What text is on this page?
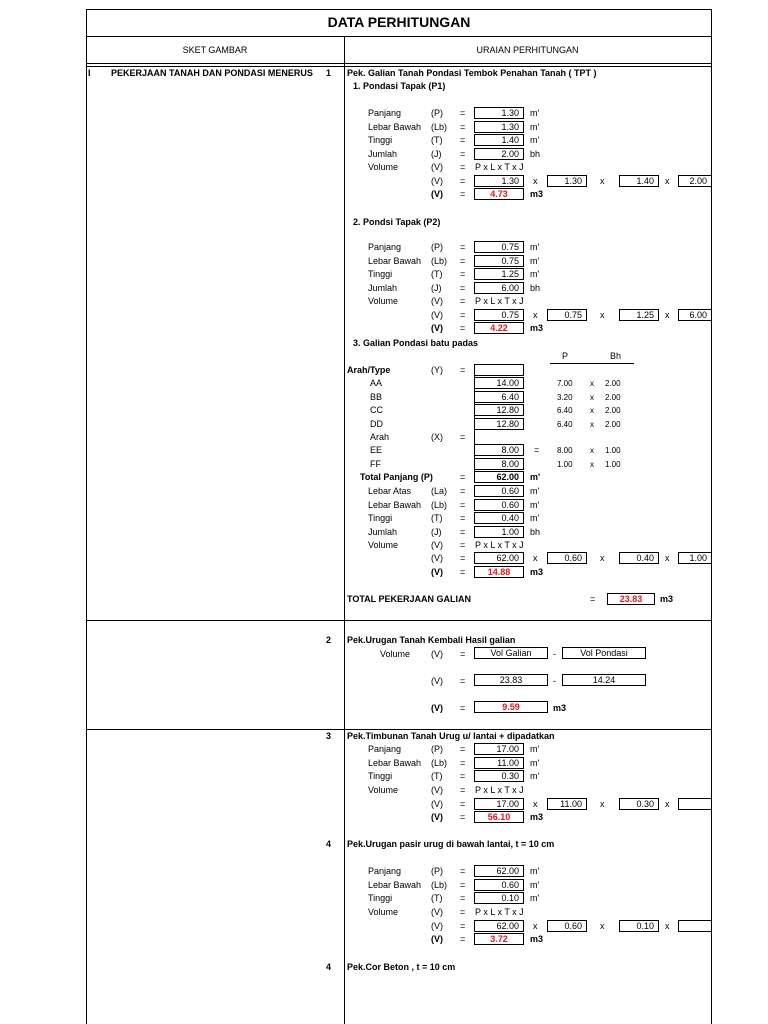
DATA PERHITUNGAN
SKET GAMBAR	URAIAN PERHITUNGAN
I PEKERJAAN TANAH DAN PONDASI MENERUS 1 Pek. Galian Tanah Pondasi Tembok Penahan Tanah ( TPT )
1. Pondasi Tapak (P1)
Panjang	(P) =	1.30	m'
Lebar Bawah (Lb) =	1.30	m'
Tinggi	(T) =	1.40	m'
Jumlah	(J) =	2.00	bh
Volume	(V) = P x L x T x J
(V) =	1.30	x	1.30	x	1.40	x	2.00
(V) =	4.73	m3
2. Pondsi Tapak (P2)
Panjang	(P) =	0.75	m'
Lebar Bawah (Lb) =	0.75	m'
Tinggi	(T) =	1.25	m'
Jumlah	(J) =	6.00	bh
Volume	(V) = P x L x T x J
(V) =	0.75	x	0.75	x	1.25	x	6.00
(V) =	4.22	m3
3. Galian Pondasi batu padas
P	Bh
Arah/Type	(Y) =
AA	14.00	7.00 x 2.00
BB	6.40	3.20 x 2.00
CC	12.80	6.40 x 2.00
DD	12.80	6.40 x 2.00
Arah	(X) =
EE	8.00	= 8.00 x 1.00
FF	8.00	1.00 x 1.00
Total Panjang (P)	=	62.00	m'
Lebar Atas (La) =	0.60	m'
Lebar Bawah (Lb) =	0.60	m'
Tinggi	(T) =	0.40	m'
Jumlah	(J) =	1.00	bh
Volume	(V) = P x L x T x J
(V) =	62.00	x	0.60	x	0.40	x	1.00
(V) =	14.88	m3
TOTAL PEKERJAAN GALIAN	=	23.83	m3
2 Pek.Urugan Tanah Kembali Hasil galian
Volume (V) =	Vol Galian	-	Vol Pondasi
(V) =	23.83	-	14.24
(V) =	9.59	m3
3 Pek.Timbunan Tanah Urug u/ lantai + dipadatkan
Panjang	(P) =	17.00	m'
Lebar Bawah (Lb) =	11.00	m'
Tinggi	(T) =	0.30	m'
Volume	(V) = P x L x T x J
(V) =	17.00	x	11.00	x	0.30	x
(V) =	56.10	m3
4 Pek.Urugan pasir urug di bawah lantai, t = 10 cm
Panjang	(P) =	62.00	m'
Lebar Bawah (Lb) =	0.60	m'
Tinggi	(T) =	0.10	m'
Volume	(V) = P x L x T x J
(V) =	62.00	x	0.60	x	0.10	x
(V) =	3.72	m3
4 Pek.Cor Beton , t = 10 cm
